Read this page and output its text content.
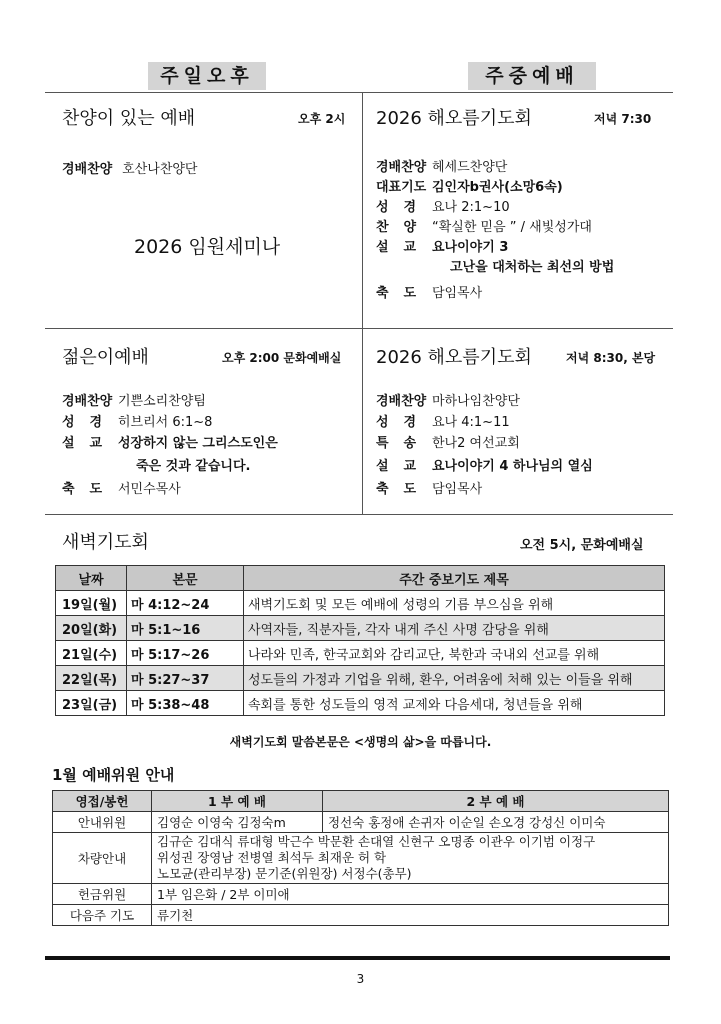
주일오후	주중예배
찬양이 있는 예배	오후 2시
경배찬양 호산나찬양단
2026 임원세미나
2026 해오름기도회	저녁 7:30
경배찬양 헤세드찬양단
대표기도 김인자b권사(소망6속)
성경요나 2:1~10
찬양“확실한 믿음 ” / 새빛성가대
설교요나이야기 3
고난을 대처하는 최선의 방법
축도담임목사
젊은이예배	오후 2:00 문화예배실
경배찬양 기쁜소리찬양팀
성경히브리서 6:1~8
설교성장하지 않는 그리스도인은
죽은 것과 같습니다.
축도서민수목사
2026 해오름기도회	저녁 8:30, 본당
경배찬양 마하나임찬양단
성경요나 4:1~11
특송한나2 여선교회
설교요나이야기 4 하나님의 열심
축도담임목사
새벽기도회	오전 5시, 문화예배실
날짜	본문	주간 중보기도 제목
19일(월)	마 4:12~24	새벽기도회 및 모든 예배에 성령의 기름 부으심을 위해
20일(화)	마 5:1~16	사역자들, 직분자들, 각자 내게 주신 사명 감당을 위해
21일(수)	마 5:17~26	나라와 민족, 한국교회와 감리교단, 북한과 국내외 선교를 위해
22일(목)	마 5:27~37	성도들의 가정과 기업을 위해, 환우, 어려움에 처해 있는 이들을 위해
23일(금)	마 5:38~48	속회를 통한 성도들의 영적 교제와 다음세대, 청년들을 위해
새벽기도회 말씀본문은 <생명의 삶>을 따릅니다.
1월 예배위원 안내
영접/봉헌	1 부 예 배	2 부 예 배
안내위원	김영순 이영숙 김정숙m	정선숙 홍정애 손귀자 이순일 손오경 강성신 이미숙
차량안내	김규순 김대식 류대형 박근수 박문환 손대열 신현구 오명종 이관우 이기범 이정구
위성권 장영남 전병열 최석두 최재운 허 학
노모균(관리부장) 문기준(위원장) 서정수(총무)	

헌금위원	1부 임은화 / 2부 이미애	
다음주 기도	류기천	
3
